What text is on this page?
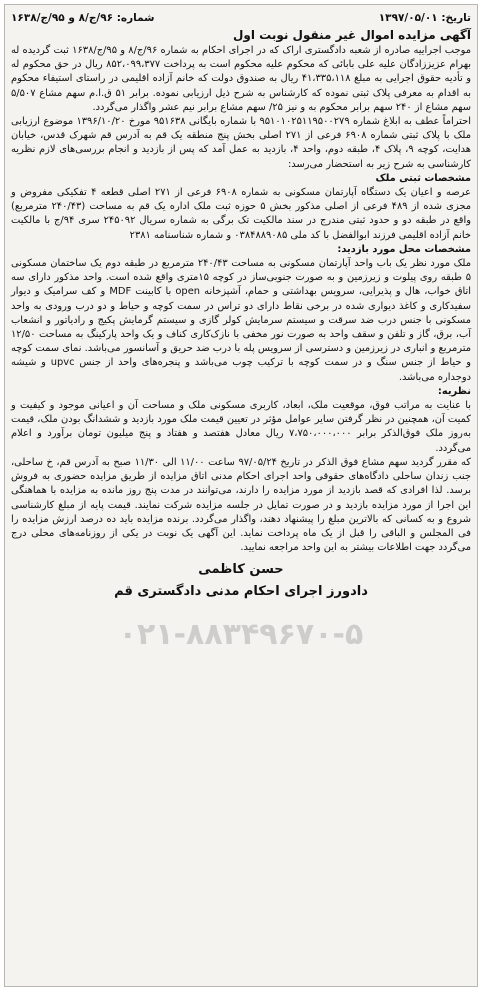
تاریخ: ۱۳۹۷/۰۵/۰۱
شماره: ۹۶/ج/۸ و ۹۵/ج/۱۶۳۸

آگهی مزایده اموال غیر منقول نوبت اول

موجب اجراییه صادره از شعبه دادگستری اراک که در اجرای احکام به شماره ۹۶/ج/۸ و ۹۵/ج/۱۶۳۸ ثبت گردیده له بهرام عزیززادگان علیه علی بابائی که محکوم علیه محکوم است به پرداخت ۸۵۲،۰۹۹،۳۷۷ ریال در حق محکوم له و تأدیه حقوق اجرایی به مبلغ ۴۱،۳۳۵،۱۱۸ ریال به صندوق دولت که خانم آزاده اقلیمی در راستای استیفاء محکوم به اقدام به معرفی پلاک ثبتی نموده که کارشناس به شرح ذیل ارزیابی نموده. برابر ۵۱ ق.ا.م سهم مشاع ۵/۵۰۷ سهم مشاع از ۲۴۰ سهم برابر محکوم به و نیز ۲۵/ سهم مشاع برابر نیم عشر واگذار می‌گردد.

احتراماً عطف به ابلاغ شماره ۹۵۱۰۱۰۲۵۱۱۹۵۰۰۲۷۹ با شماره بایگانی ۹۵۱۶۳۸ مورخ ۱۳۹۶/۱۰/۲۰ موضوع ارزیابی ملک با پلاک ثبتی شماره ۶۹۰۸ فرعی از ۲۷۱ اصلی بخش پنج منطقه یک قم به آدرس قم شهرک قدس، خیابان هدایت، کوچه ۹، پلاک ۴، طبقه دوم، واحد ۴، بازدید به عمل آمد که پس از بازدید و انجام بررسی‌های لازم نظریه کارشناسی به شرح زیر به استحضار می‌رسد:

مشخصات ثبتی ملک

عرصه و اعیان یک دستگاه آپارتمان مسکونی به شماره ۶۹۰۸ فرعی از ۲۷۱ اصلی قطعه ۴ تفکیکی مفروض و مجزی شده از ۴۸۹ فرعی از اصلی مذکور بخش ۵ حوزه ثبت ملک اداره یک قم به مساحت (۲۴۰/۴۳ مترمربع) واقع در طبقه دو و حدود ثبتی مندرج در سند مالکیت تک برگی به شماره سریال ۲۴۵۰۹۲ سری ۹۴/ج با مالکیت خانم آزاده اقلیمی فرزند ابوالفضل با کد ملی ۰۳۸۴۸۸۹۰۸۵ و شماره شناسنامه ۲۳۸۱

مشخصات محل مورد بازدید:

ملک مورد نظر یک باب واحد آپارتمان مسکونی به مساحت ۲۴۰/۴۳ مترمربع در طبقه دوم یک ساختمان مسکونی ۵ طبقه روی پیلوت و زیرزمین و به صورت جنوبی‌ساز در کوچه ۱۵متری واقع شده است. واحد مذکور دارای سه اتاق خواب، هال و پذیرایی، سرویس بهداشتی و حمام، آشپزخانه open با کابینت MDF و کف سرامیک و دیوار سفیدکاری و کاغذ دیواری شده در برخی نقاط دارای دو تراس در سمت کوچه و حیاط و دو درب ورودی به واحد مسکونی با جنس درب ضد سرقت و سیستم سرمایش کولر گازی و سیستم گرمایش پکیج و رادیاتور و انشعاب آب، برق، گاز و تلفن و سقف واحد به صورت نور مخفی با نازک‌کاری کناف و یک واحد پارکینگ به مساحت ۱۲/۵۰ مترمربع و انباری در زیرزمین و دسترسی از سرویس پله با درب ضد حریق و آسانسور می‌باشد. نمای سمت کوچه و حیاط از جنس سنگ و در سمت کوچه با ترکیب چوب می‌باشد و پنجره‌های واحد از جنس upvc و شیشه دوجداره می‌باشد.

نظریه:

با عنایت به مراتب فوق، موقعیت ملک، ابعاد، کاربری مسکونی ملک و مساحت آن و اعیانی موجود و کیفیت و کمیت آن، همچنین در نظر گرفتن سایر عوامل مؤثر در تعیین قیمت ملک مورد بازدید و ششدانگ بودن ملک، قیمت به‌روز ملک فوق‌الذکر برابر ۷،۷۵۰،۰۰۰،۰۰۰ ریال معادل هفتصد و هفتاد و پنج میلیون تومان برآورد و اعلام می‌گردد.

که مقرر گردید سهم مشاع فوق الذکر در تاریخ ۹۷/۰۵/۲۴ ساعت ۱۱/۰۰ الی ۱۱/۳۰ صبح به آدرس قم، خ ساحلی، جنب زندان ساحلی دادگاه‌های حقوقی واحد اجرای احکام مدنی اتاق مزایده از طریق مزایده حضوری به فروش برسد. لذا افرادی که قصد بازدید از مورد مزایده را دارند، می‌توانند در مدت پنج روز مانده به مزایده با هماهنگی این اجرا از مورد مزایده بازدید و در صورت تمایل در جلسه مزایده شرکت نمایند. قیمت پایه از مبلغ کارشناسی شروع و به کسانی که بالاترین مبلغ را پیشنهاد دهند، واگذار می‌گردد. برنده مزایده باید ده درصد ارزش مزایده را فی المجلس و الباقی را قبل از یک ماه پرداخت نماید. این آگهی یک نوبت در یکی از روزنامه‌های محلی درج می‌گردد جهت اطلاعات بیشتر به این واحد مراجعه نمایید.

حسن کاظمی
دادورز اجرای احکام مدنی دادگستری قم
۰۲۱-۸۸۳۴۹۶۷۰-۵
